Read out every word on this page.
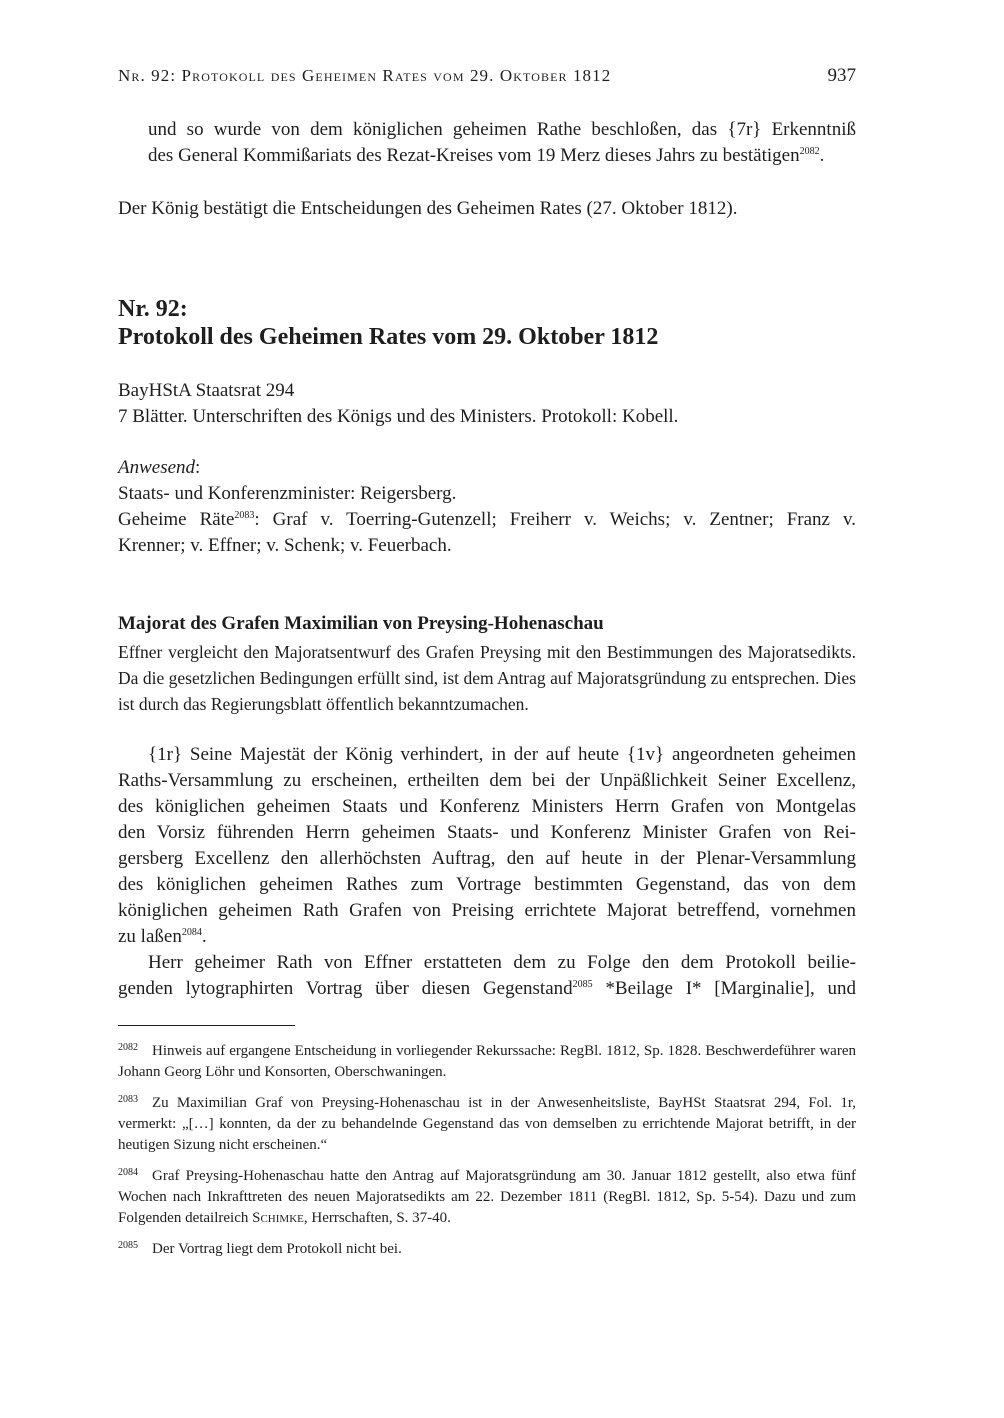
Nr. 92: Protokoll des Geheimen Rates vom 29. Oktober 1812	937
und so wurde von dem königlichen geheimen Rathe beschloßen, das {7r} Erkenntniß
des General Kommißariats des Rezat-Kreises vom 19 Merz dieses Jahrs zu bestätigen$^{2082}$.
Der König bestätigt die Entscheidungen des Geheimen Rates (27. Oktober 1812).
Nr. 92:
Protokoll des Geheimen Rates vom 29. Oktober 1812
BayHStA Staatsrat 294
7 Blätter. Unterschriften des Königs und des Ministers. Protokoll: Kobell.
Anwesend:
Staats- und Konferenzminister: Reigersberg.
Geheime Räte$^{2083}$: Graf v. Toerring-Gutenzell; Freiherr v. Weichs; v. Zentner; Franz v.
Krenner; v. Effner; v. Schenk; v. Feuerbach.
Majorat des Grafen Maximilian von Preysing-Hohenaschau
Effner vergleicht den Majoratsentwurf des Grafen Preysing mit den Bestimmungen des Majoratsedikts. Da die gesetzlichen Bedingungen erfüllt sind, ist dem Antrag auf Majoratsgründung zu entsprechen. Dies ist durch das Regierungsblatt öffentlich bekanntzumachen.

{1r} Seine Majestät der König verhindert, in der auf heute {1v} angeordneten geheimen
Raths-Versammlung zu erscheinen, ertheilten dem bei der Unpäßlichkeit Seiner Excellenz,
des königlichen geheimen Staats und Konferenz Ministers Herrn Grafen von Montgelas
den Vorsiz führenden Herrn geheimen Staats- und Konferenz Minister Grafen von Rei-
gersberg Excellenz den allerhöchsten Auftrag, den auf heute in der Plenar-Versammlung
des königlichen geheimen Rathes zum Vortrage bestimmten Gegenstand, das von dem
königlichen geheimen Rath Grafen von Preising errichtete Majorat betreffend, vornehmen
zu laßen$^{2084}$.

Herr geheimer Rath von Effner erstatteten dem zu Folge den dem Protokoll beilie-
genden lytographirten Vortrag über diesen Gegenstand$^{2085}$ *Beilage I* [Marginalie], und

$^{2082}$ Hinweis auf ergangene Entscheidung in vorliegender Rekurssache: RegBl. 1812, Sp. 1828. Beschwerdeführer waren Johann Georg Löhr und Konsorten, Oberschwaningen.

$^{2083}$ Zu Maximilian Graf von Preysing-Hohenaschau ist in der Anwesenheitsliste, BayHSt Staatsrat 294, Fol. 1r, vermerkt: „[…] konnten, da der zu behandelnde Gegenstand das von demselben zu errichtende Majorat betrifft, in der heutigen Sizung nicht erscheinen.“

$^{2084}$ Graf Preysing-Hohenaschau hatte den Antrag auf Majoratsgründung am 30. Januar 1812 gestellt, also etwa fünf Wochen nach Inkrafttreten des neuen Majoratsedikts am 22. Dezember 1811 (RegBl. 1812, Sp. 5-54). Dazu und zum Folgenden detailreich Schimke, Herrschaften, S. 37-40.

$^{2085}$ Der Vortrag liegt dem Protokoll nicht bei.
